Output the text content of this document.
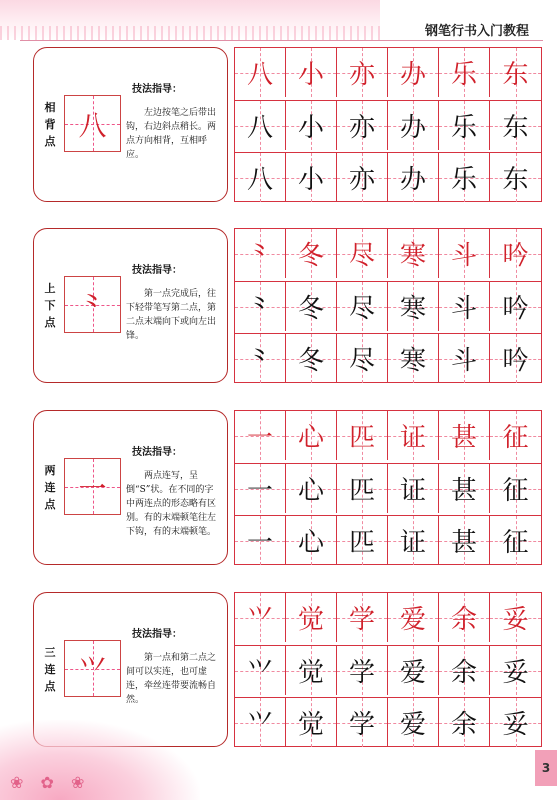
钢笔行书入门教程
相背点 八
技法指导：
左边按笔之后带出钩，右边斜点稍长。两点方向相背，互相呼应。
八 小 亦 办 乐 东
八 小 亦 办 乐 东
八 小 亦 办 乐 东
上下点 ⺀
技法指导：
第一点完成后，往下轻带笔写第二点，第二点末端向下或向左出锋。
⺀ 冬 尽 寒 斗 吟
⺀ 冬 尽 寒 斗 吟
⺀ 冬 尽 寒 斗 吟
两连点 一
技法指导：
两点连写，呈倒“S”状。在不同的字中两连点的形态略有区别。有的末端顿笔往左下钩，有的末端顿笔。
一 心 匹 证 甚 征
一 心 匹 证 甚 征
一 心 匹 证 甚 征
三连点 ⺍
技法指导：
第一点和第二点之间可以实连，也可虚连，牵丝连带要流畅自然。
⺍ 觉 学 爱 余 妥
⺍ 觉 学 爱 余 妥
⺍ 觉 学 爱 余 妥
❀ ✿ ❀
3
